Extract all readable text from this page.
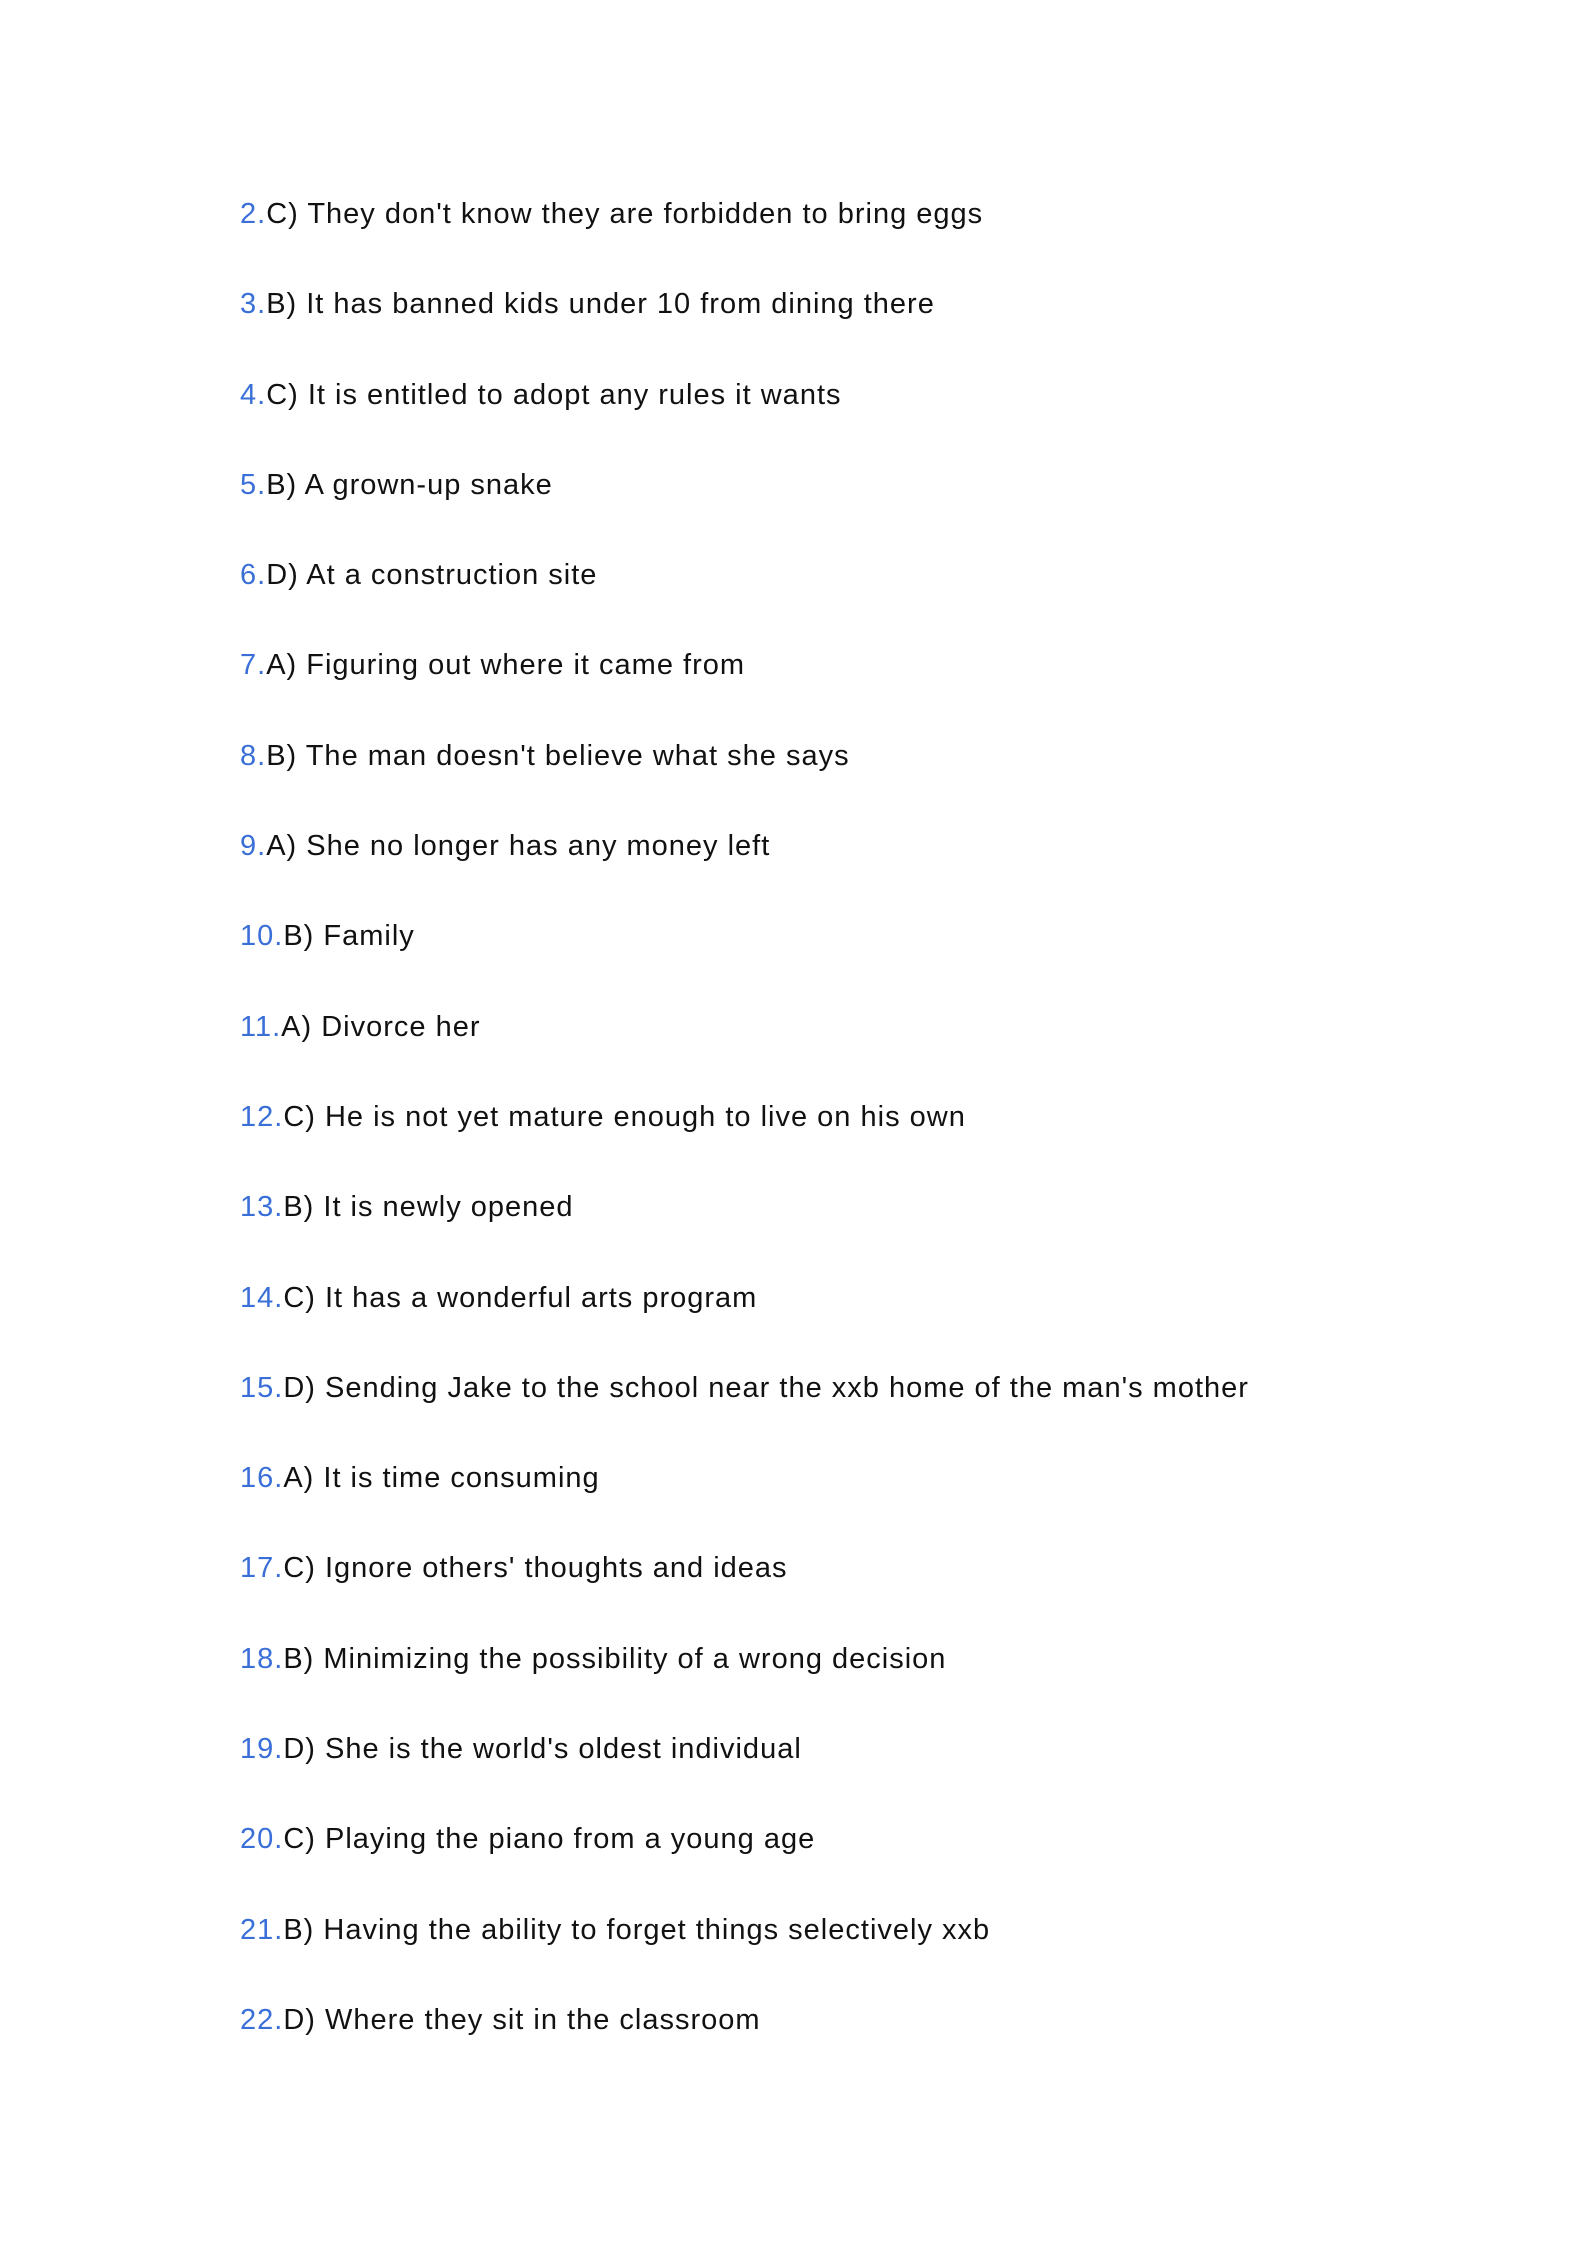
2.C) They don't know they are forbidden to bring eggs
3.B) It has banned kids under 10 from dining there
4.C) It is entitled to adopt any rules it wants
5.B) A grown-up snake
6.D) At a construction site
7.A) Figuring out where it came from
8.B) The man doesn't believe what she says
9.A) She no longer has any money left
10.B) Family
11.A) Divorce her
12.C) He is not yet mature enough to live on his own
13.B) It is newly opened
14.C) It has a wonderful arts program
15.D) Sending Jake to the school near the xxb home of the man's mother
16.A) It is time consuming
17.C) Ignore others' thoughts and ideas
18.B) Minimizing the possibility of a wrong decision
19.D) She is the world's oldest individual
20.C) Playing the piano from a young age
21.B) Having the ability to forget things selectively xxb
22.D) Where they sit in the classroom
